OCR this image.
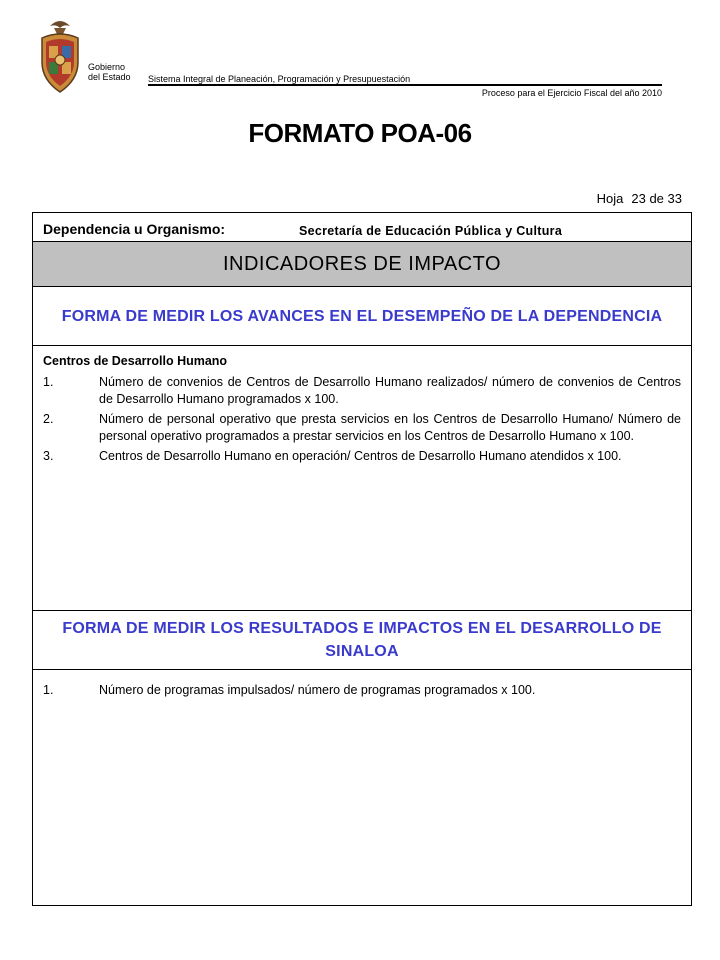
Gobierno
del Estado Sistema Integral de Planeación, Programación y Presupuestación
Proceso para el Ejercicio Fiscal del año 2010
FORMATO POA-06
Hoja 23 de 33
Dependencia u Organismo:	Secretaría de Educación Pública y Cultura
INDICADORES DE IMPACTO
FORMA DE MEDIR LOS AVANCES EN EL DESEMPEÑO DE LA DEPENDENCIA
Centros de Desarrollo Humano
1.	Número de convenios de Centros de Desarrollo Humano realizados/ número de convenios de Centros de Desarrollo Humano programados x 100.
2.	Número de personal operativo que presta servicios en los Centros de Desarrollo Humano/ Número de personal operativo programados a prestar servicios en los Centros de Desarrollo Humano x 100.
3.	Centros de Desarrollo Humano en operación/ Centros de Desarrollo Humano atendidos x 100.
FORMA DE MEDIR LOS RESULTADOS E IMPACTOS EN EL DESARROLLO DE SINALOA
1.	Número de programas impulsados/ número de programas programados x 100.
